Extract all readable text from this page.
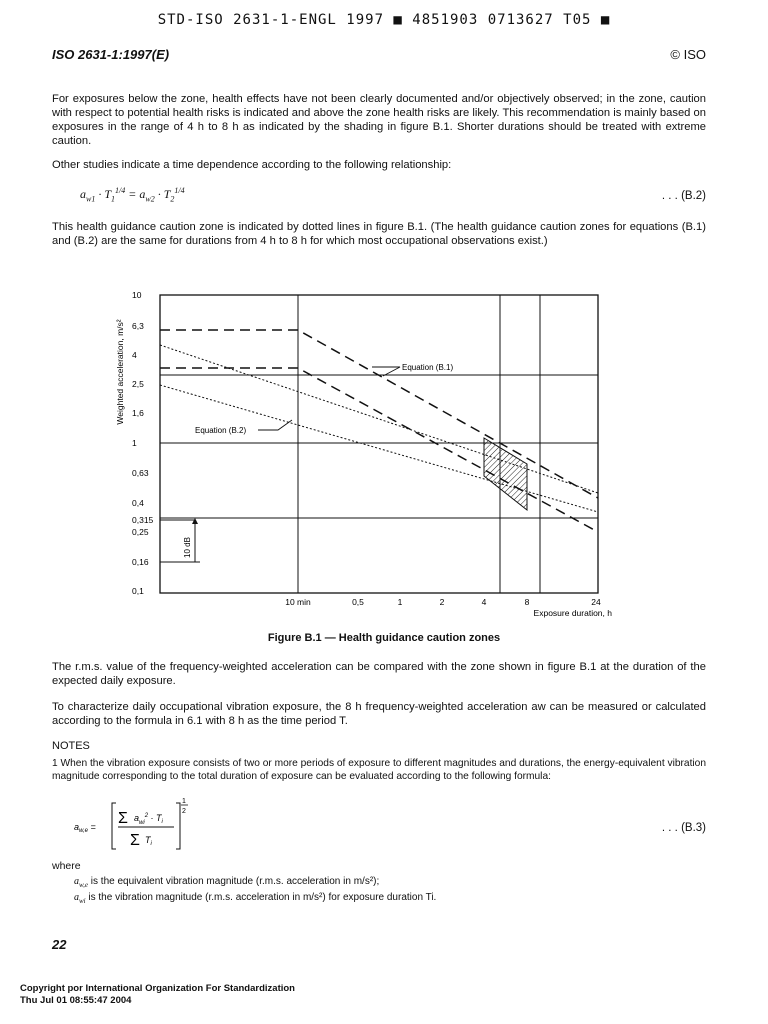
STD-ISO 2631-1-ENGL 1997 ■ 4851903 0713627 T05 ■
ISO 2631-1:1997(E)	© ISO
For exposures below the zone, health effects have not been clearly documented and/or objectively observed; in the zone, caution with respect to potential health risks is indicated and above the zone health risks are likely. This recommendation is mainly based on exposures in the range of 4 h to 8 h as indicated by the shading in figure B.1. Shorter durations should be treated with extreme caution.
Other studies indicate a time dependence according to the following relationship:
$a_{w1} \cdot T_1^{1/4} = a_{w2} \cdot T_2^{1/4}$	. . . (B.2)
This health guidance caution zone is indicated by dotted lines in figure B.1. (The health guidance caution zones for equations (B.1) and (B.2) are the same for durations from 4 h to 8 h for which most occupational observations exist.)
10 dB
Equation (B.1)
Equation (B.2)
Weighted acceleration, m/s²
10
6,3
4
2,5
1,6
1
0,63
0,4
0,315
0,25
0,16
0,1
10 min	0,5	1	2	4	8	24
Exposure duration, h
Figure B.1 — Health guidance caution zones
The r.m.s. value of the frequency-weighted acceleration can be compared with the zone shown in figure B.1 at the duration of the expected daily exposure.
To characterize daily occupational vibration exposure, the 8 h frequency-weighted acceleration aw can be measured or calculated according to the formula in 6.1 with 8 h as the time period T.
NOTES
1 When the vibration exposure consists of two or more periods of exposure to different magnitudes and durations, the energy-equivalent vibration magnitude corresponding to the total duration of exposure can be evaluated according to the following formula:
$a_{w,e} = \Sigma$ $a_{wi}^2 \cdot T_i$
Σ $T_i$
1
2
. . . (B.3)
where
$a_{w,e}$ is the equivalent vibration magnitude (r.m.s. acceleration in m/s²);
$a_{wi}$ is the vibration magnitude (r.m.s. acceleration in m/s²) for exposure duration Ti.
22
Copyright por International Organization For Standardization
Thu Jul 01 08:55:47 2004
